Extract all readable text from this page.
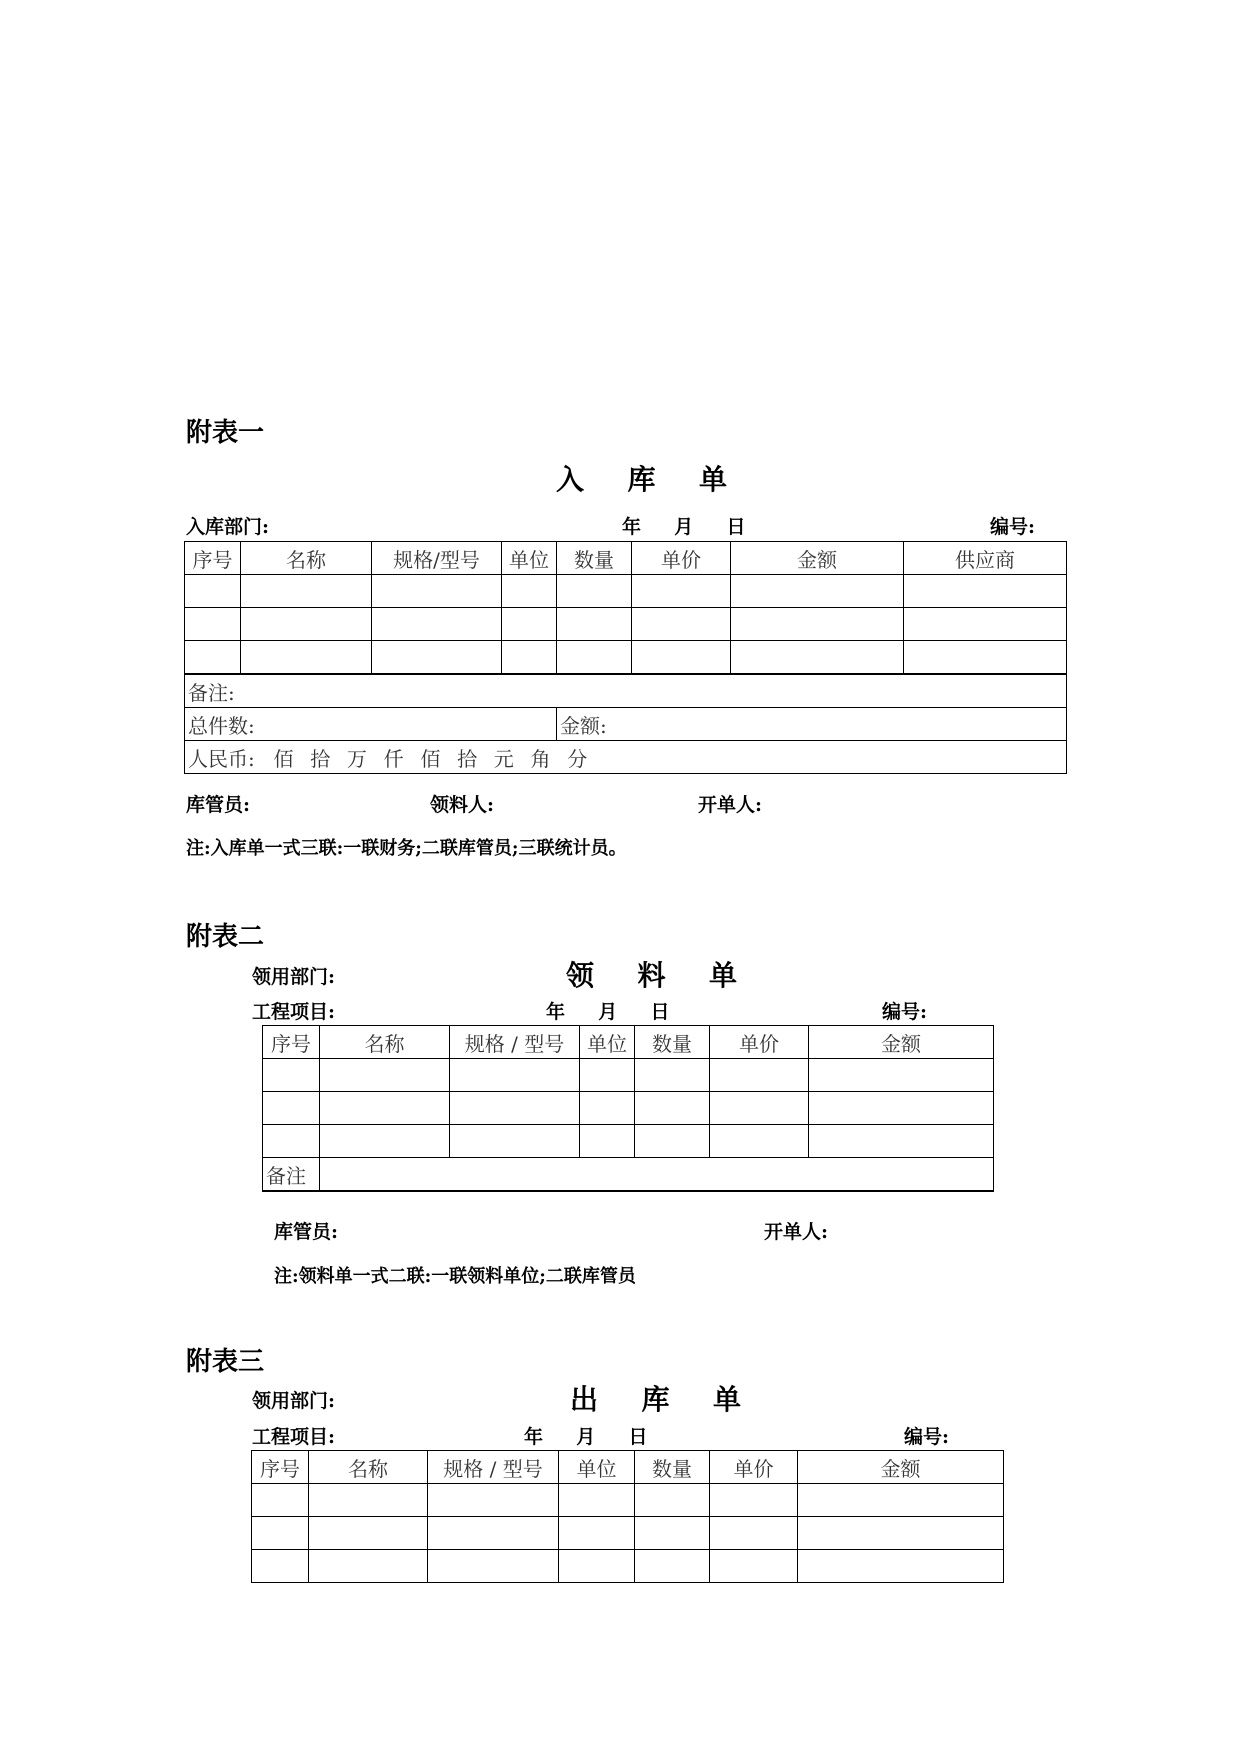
附表一
入 库 单
入库部门:	年 月 日	编号:
序号	名称	规格/型号	单位	数量	单价	金额	供应商

备注:							
总件数:				金额:			
人民币: 佰 拾 万 仟 佰 拾 元 角 分							
库管员:	领料人:	开单人:
注:入库单一式三联:一联财务;二联库管员;三联统计员。
附表二
领用部门:	领 料 单
工程项目:	年 月 日	编号:
序号	名称	规格 / 型号	单位	数量	单价	金额

备注						
库管员:	开单人:
注:领料单一式二联:一联领料单位;二联库管员
附表三
领用部门:	出 库 单
工程项目:	年 月 日	编号:
序号	名称	规格 / 型号	单位	数量	单价	金额
